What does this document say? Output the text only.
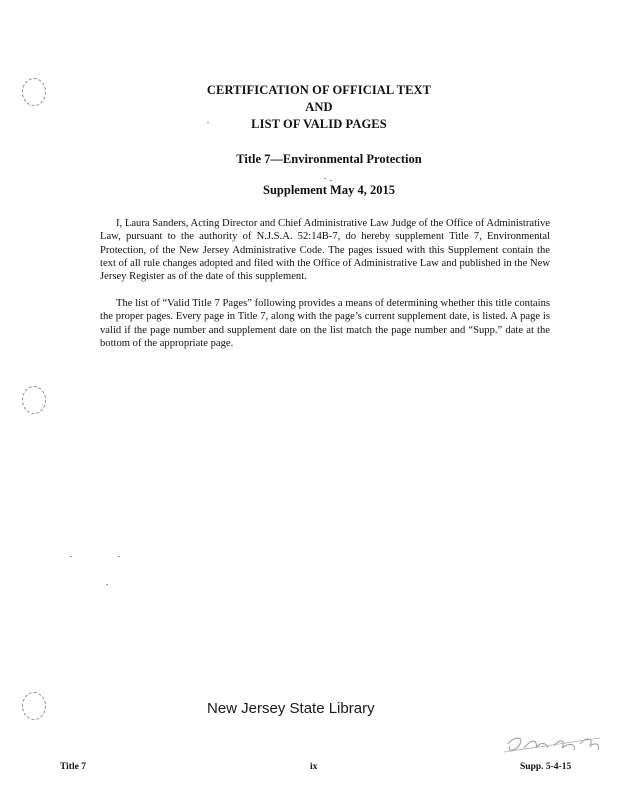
CERTIFICATION OF OFFICIAL TEXT
AND
LIST OF VALID PAGES
Title 7—Environmental Protection
Supplement May 4, 2015

I, Laura Sanders, Acting Director and Chief Administrative Law Judge of the Office of Administrative Law, pursuant to the authority of N.J.S.A. 52:14B-7, do hereby supplement Title 7, Environmental Protection, of the New Jersey Administrative Code. The pages issued with this Supplement contain the text of all rule changes adopted and filed with the Office of Administrative Law and published in the New Jersey Register as of the date of this supplement.

The list of “Valid Title 7 Pages” following provides a means of determining whether this title contains the proper pages. Every page in Title 7, along with the page’s current supplement date, is listed. A page is valid if the page number and supplement date on the list match the page number and “Supp.” date at the bottom of the appropriate page.

New Jersey State Library
Title 7	ix	Supp. 5-4-15
